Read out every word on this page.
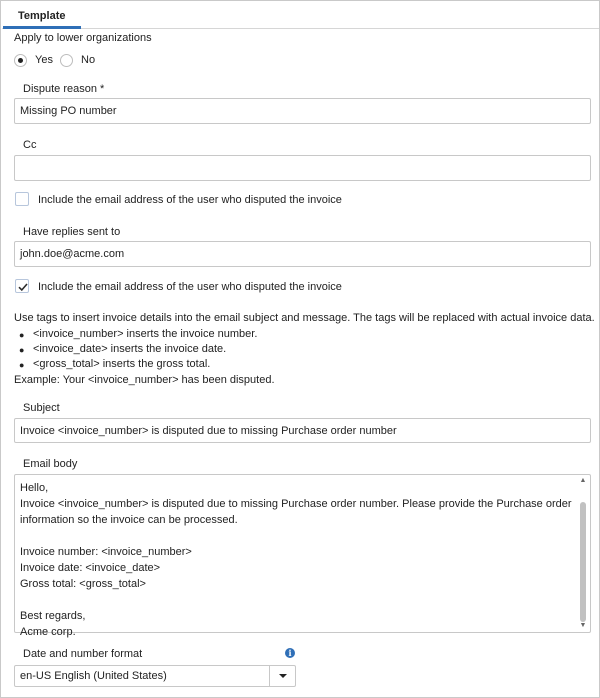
Template
Apply to lower organizations
Yes	No
Dispute reason *
Missing PO number
Cc
Include the email address of the user who disputed the invoice
Have replies sent to
john.doe@acme.com
Include the email address of the user who disputed the invoice
Use tags to insert invoice details into the email subject and message. The tags will be replaced with actual invoice data.
● <invoice_number> inserts the invoice number.
● <invoice_date> inserts the invoice date.
● <gross_total> inserts the gross total.
Example: Your <invoice_number> has been disputed.
Subject
Invoice <invoice_number> is disputed due to missing Purchase order number
Email body
Hello,
Invoice <invoice_number> is disputed due to missing Purchase order number. Please provide the Purchase order information so the invoice can be processed.

Invoice number: <invoice_number>
Invoice date: <invoice_date>
Gross total: <gross_total>

Best regards,
Acme corp.
▲
▼
Date and number format	i
en-US English (United States)
